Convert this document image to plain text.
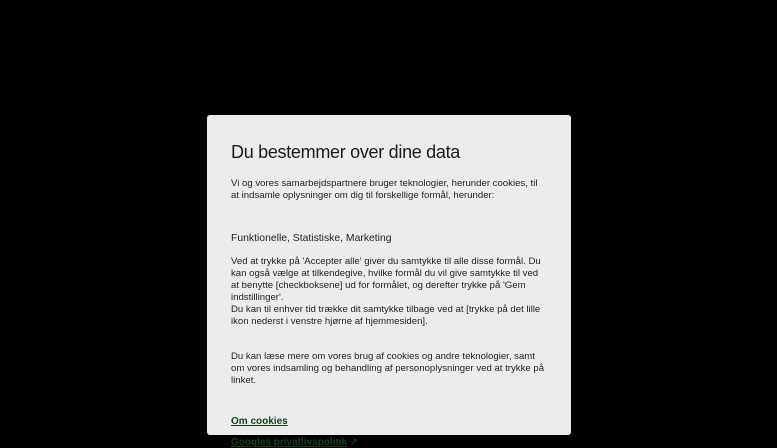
Du bestemmer over dine data

Vi og vores samarbejdspartnere bruger teknologier, herunder cookies, til at indsamle oplysninger om dig til forskellige formål, herunder:

Funktionelle, Statistiske, Marketing

Ved at trykke på 'Accepter alle' giver du samtykke til alle disse formål. Du kan også vælge at tilkendegive, hvilke formål du vil give samtykke til ved at benytte [checkboksene] ud for formålet, og derefter trykke på 'Gem indstillinger'.

Du kan til enhver tid trække dit samtykke tilbage ved at [trykke på det lille ikon nederst i venstre hjørne af hjemmesiden].

Du kan læse mere om vores brug af cookies og andre teknologier, samt om vores indsamling og behandling af personoplysninger ved at trykke på linket.

Om cookies
Googles privatlivspolitik ↗
